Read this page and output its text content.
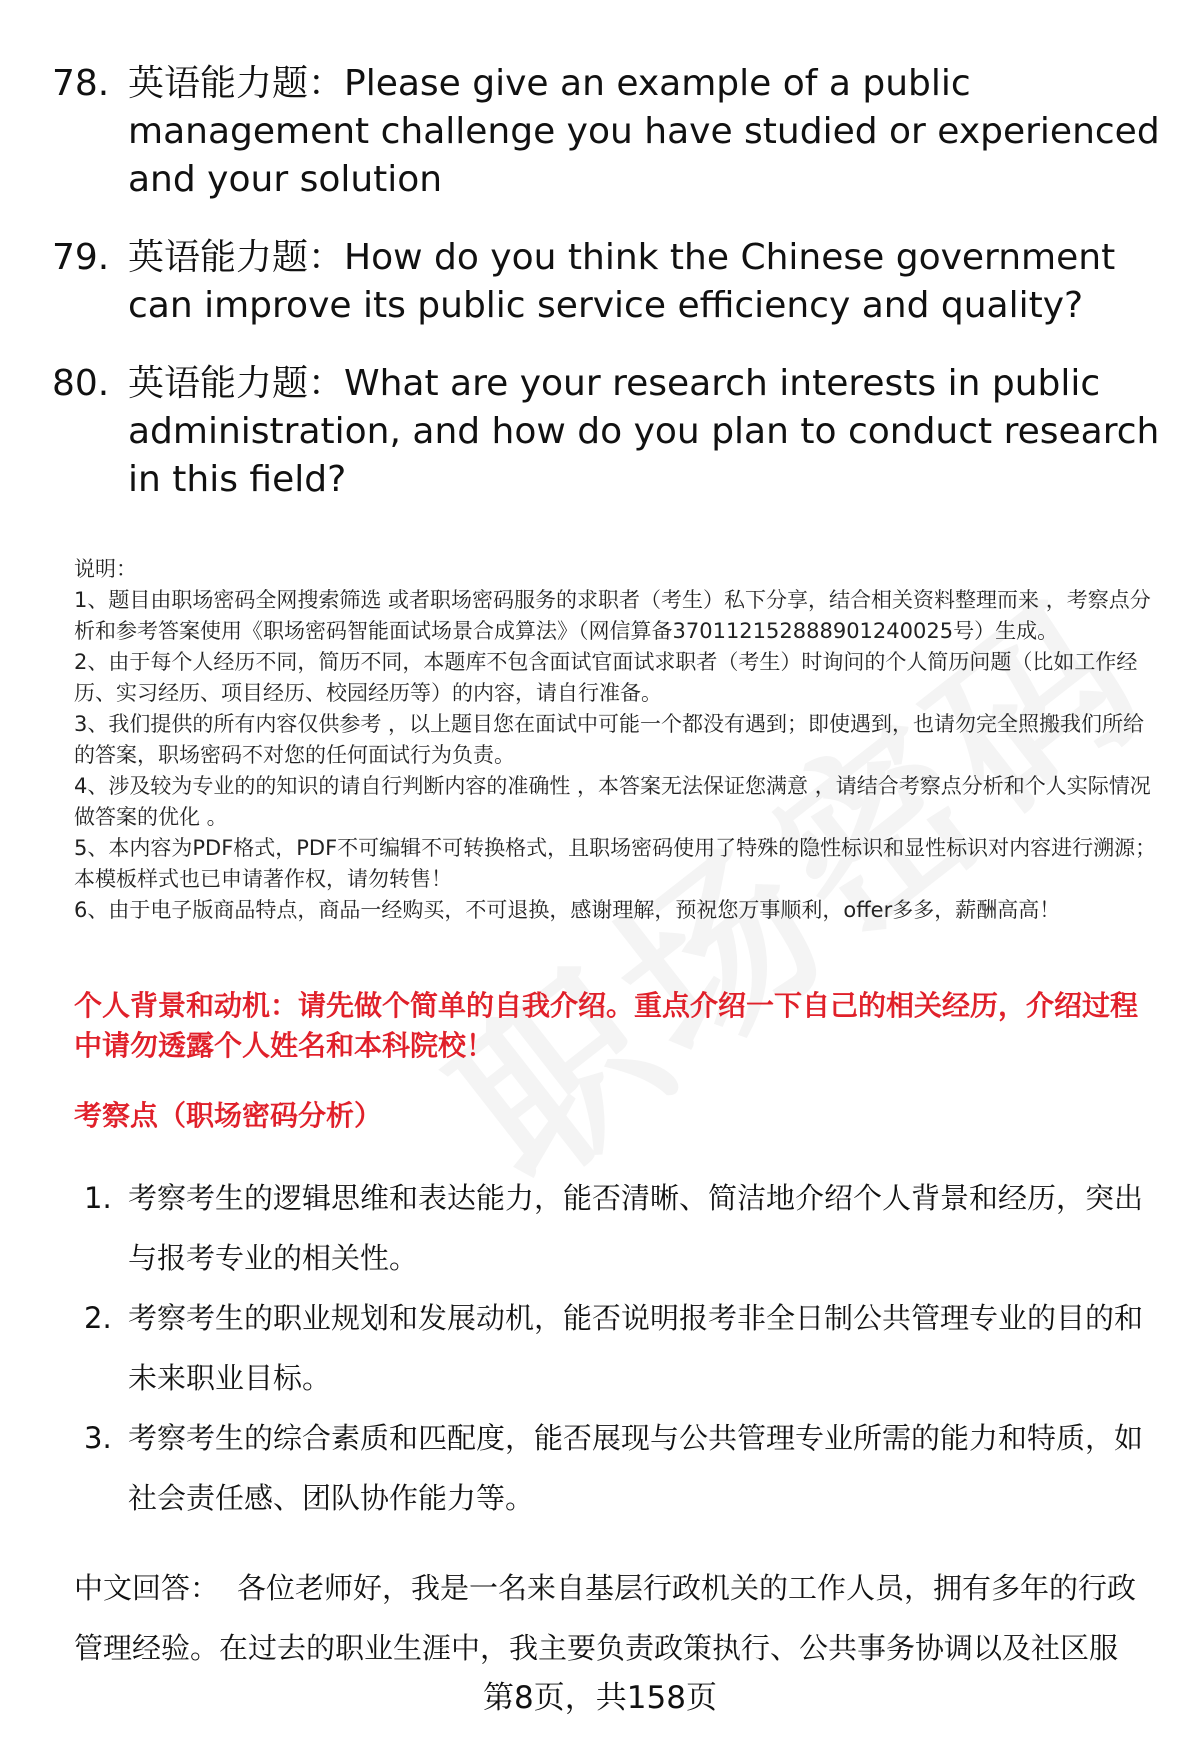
78. 英语能力题：Please give an example of a public management challenge you have studied or experienced and your solution
79. 英语能力题：How do you think the Chinese government can improve its public service efficiency and quality?
80. 英语能力题：What are your research interests in public administration, and how do you plan to conduct research in this field?

说明：

1、题目由职场密码全网搜索筛选 或者职场密码服务的求职者（考生）私下分享，结合相关资料整理而来 ，考察点分析和参考答案使用《职场密码智能面试场景合成算法》（网信算备370112152888901240025号）生成。

2、由于每个人经历不同，简历不同，本题库不包含面试官面试求职者（考生）时询问的个人简历问题（比如工作经历、实习经历、项目经历、校园经历等）的内容，请自行准备。

3、我们提供的所有内容仅供参考 ，以上题目您在面试中可能一个都没有遇到；即使遇到，也请勿完全照搬我们所给的答案，职场密码不对您的任何面试行为负责。

4、涉及较为专业的的知识的请自行判断内容的准确性 ，本答案无法保证您满意 ，请结合考察点分析和个人实际情况做答案的优化 。

5、本内容为PDF格式，PDF不可编辑不可转换格式，且职场密码使用了特殊的隐性标识和显性标识对内容进行溯源；本模板样式也已申请著作权，请勿转售！

6、由于电子版商品特点，商品一经购买，不可退换，感谢理解，预祝您万事顺利，offer多多，薪酬高高！

个人背景和动机：请先做个简单的自我介绍。重点介绍一下自己的相关经历，介绍过程中请勿透露个人姓名和本科院校！
考察点（职场密码分析）
1. 考察考生的逻辑思维和表达能力，能否清晰、简洁地介绍个人背景和经历，突出与报考专业的相关性。
2. 考察考生的职业规划和发展动机，能否说明报考非全日制公共管理专业的目的和未来职业目标。
3. 考察考生的综合素质和匹配度，能否展现与公共管理专业所需的能力和特质，如社会责任感、团队协作能力等。
中文回答： 各位老师好，我是一名来自基层行政机关的工作人员，拥有多年的行政管理经验。在过去的职业生涯中，我主要负责政策执行、公共事务协调以及社区服
第8页，共158页
